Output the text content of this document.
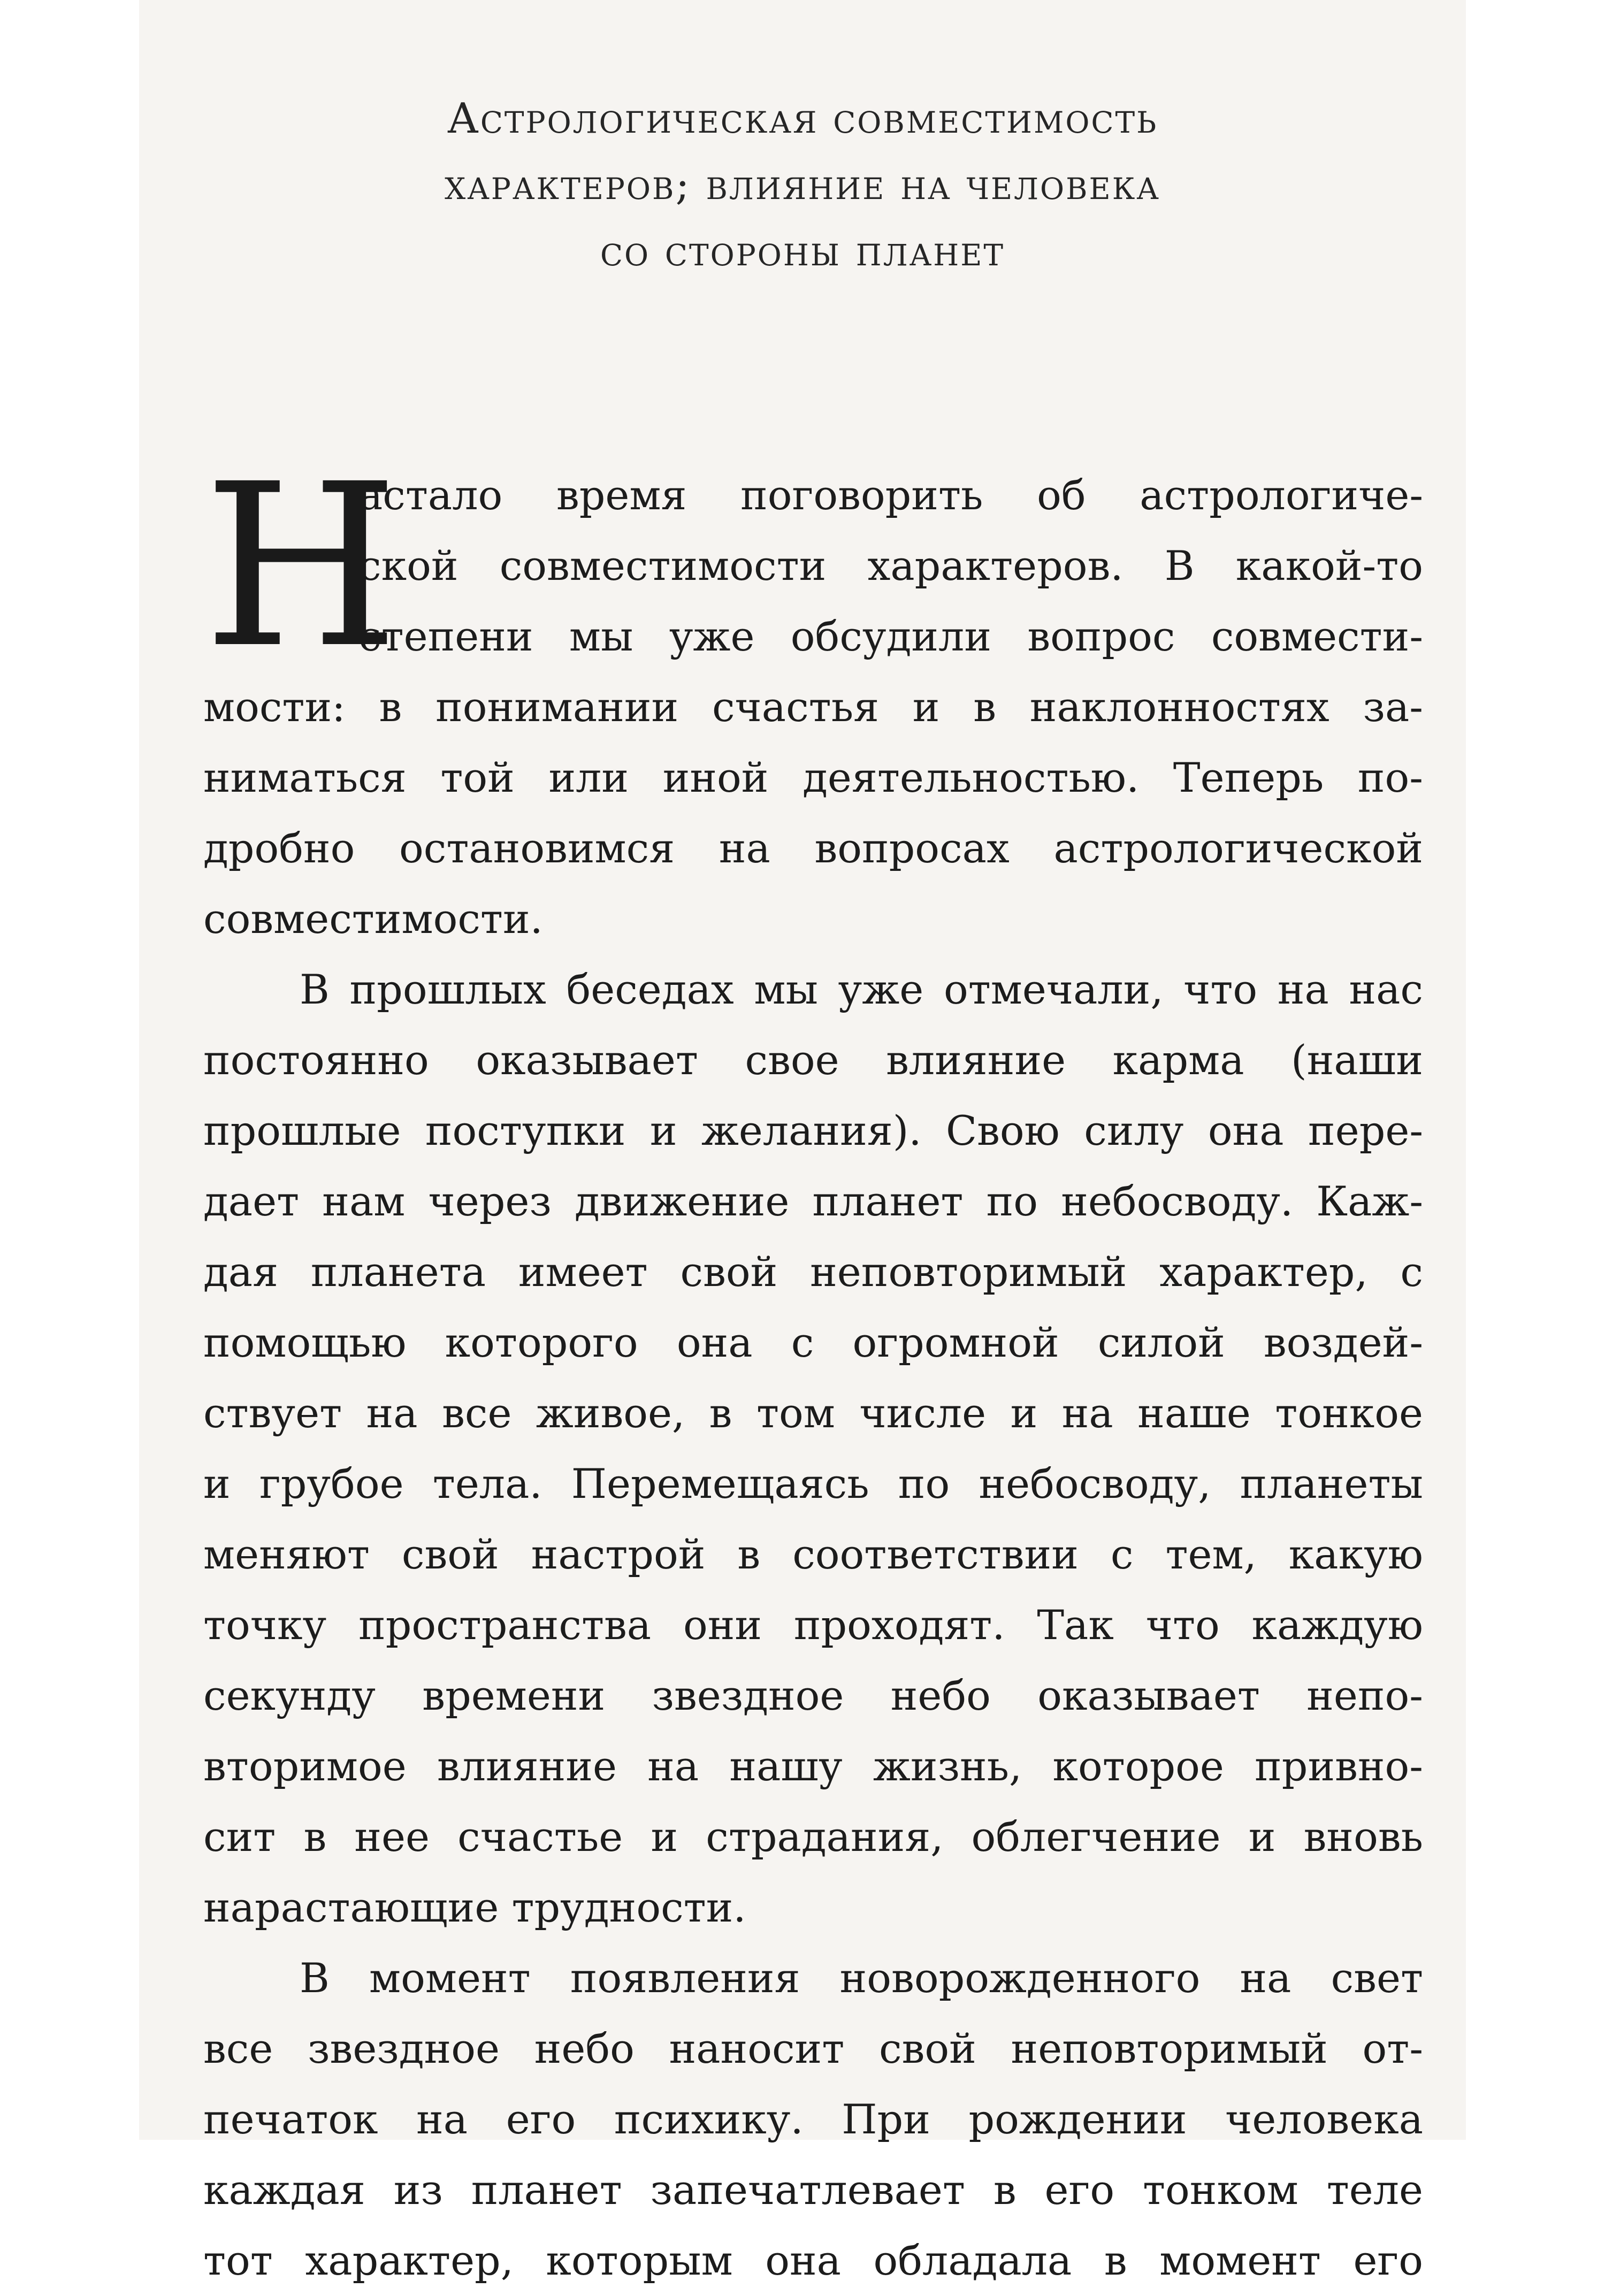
Астрологическая совместимость
характеров; влияние на человека
со стороны планет
Н
астало время поговорить об астрологиче-
ской совместимости характеров. В какой-то
степени мы уже обсудили вопрос совмести-
мости: в понимании счастья и в наклонностях за-
ниматься той или иной деятельностью. Теперь по-
дробно остановимся на вопросах астрологической
совместимости.
В прошлых беседах мы уже отмечали, что на нас
постоянно оказывает свое влияние карма (наши
прошлые поступки и желания). Свою силу она пере-
дает нам через движение планет по небосводу. Каж-
дая планета имеет свой неповторимый характер, с
помощью которого она с огромной силой воздей-
ствует на все живое, в том числе и на наше тонкое
и грубое тела. Перемещаясь по небосводу, планеты
меняют свой настрой в соответствии с тем, какую
точку пространства они проходят. Так что каждую
секунду времени звездное небо оказывает непо-
вторимое влияние на нашу жизнь, которое привно-
сит в нее счастье и страдания, облегчение и вновь
нарастающие трудности.
В момент появления новорожденного на свет
все звездное небо наносит свой неповторимый от-
печаток на его психику. При рождении человека
каждая из планет запечатлевает в его тонком теле
тот характер, которым она обладала в момент его
